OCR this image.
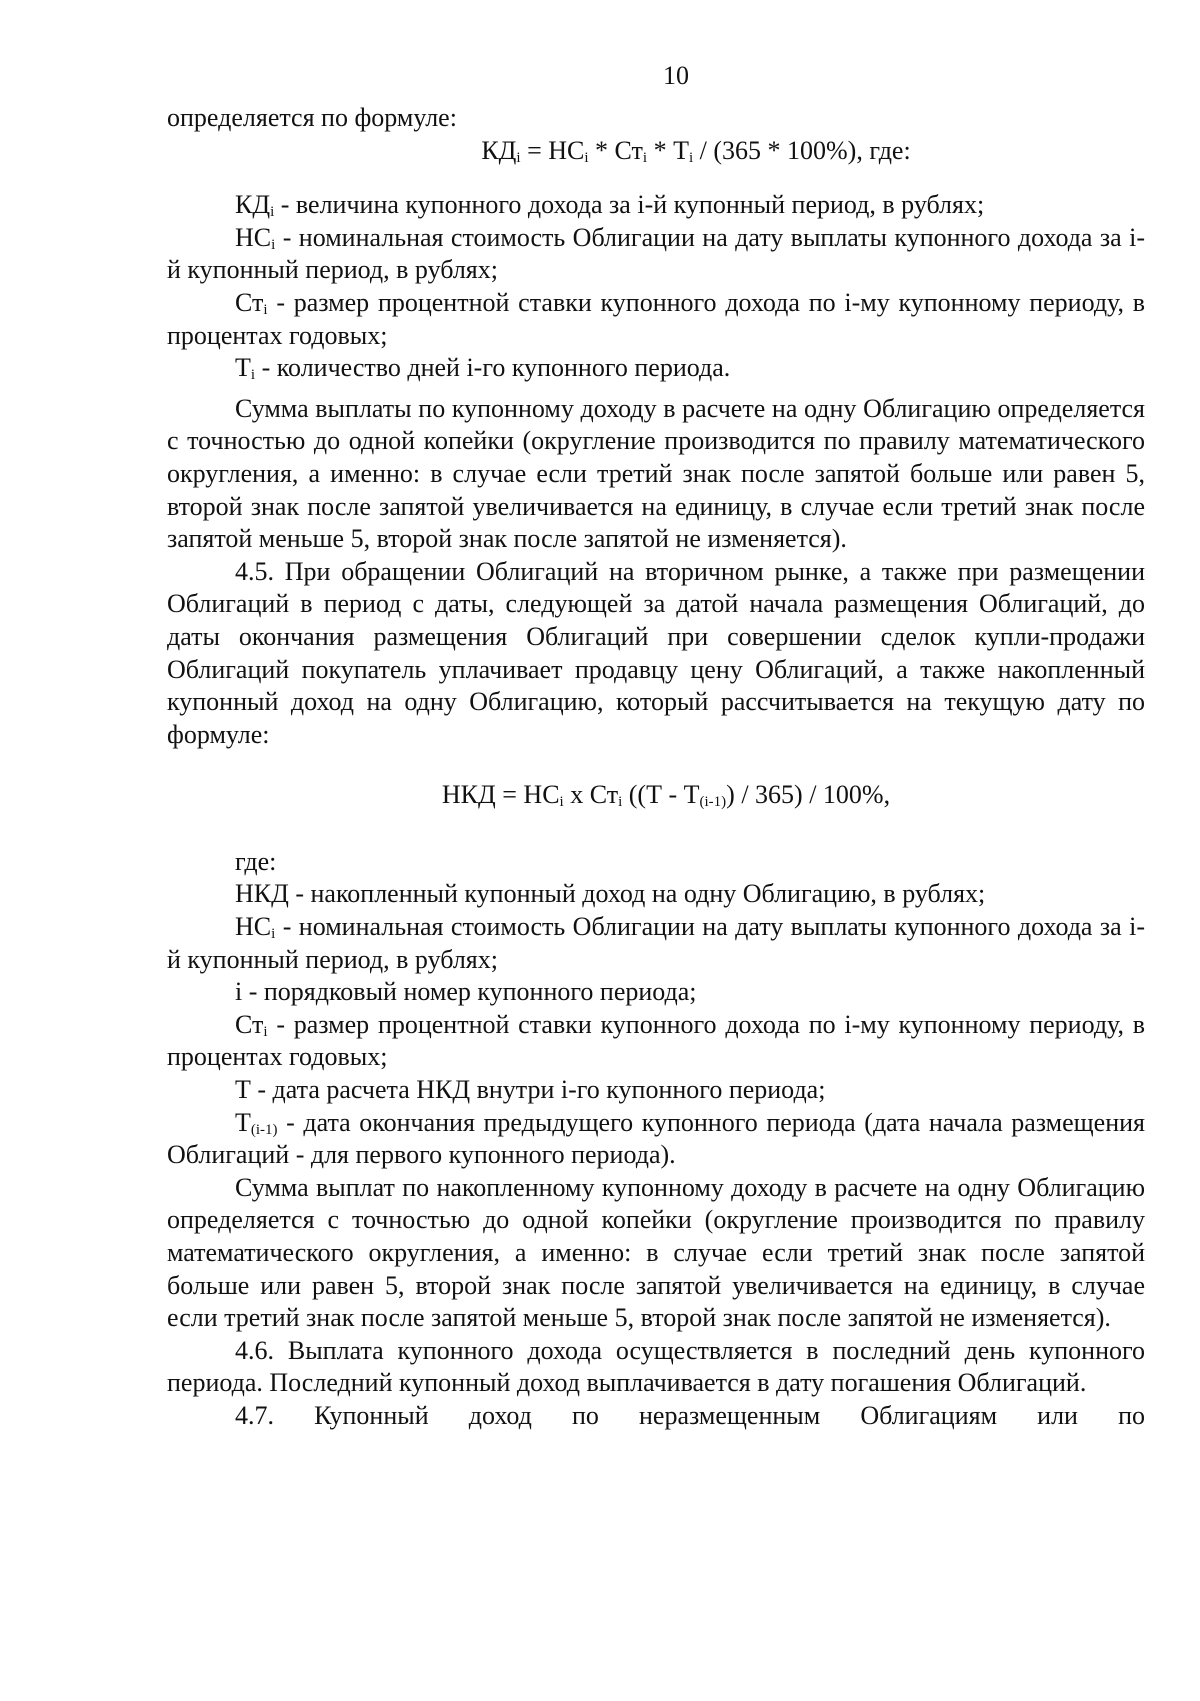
10

определяется по формуле:

$КД_i = НС_i * Ст_i * Т_i / (365 * 100\%)$, где:

$КД_i$ - величина купонного дохода за i-й купонный период, в рублях;

$НС_i$ - номинальная стоимость Облигации на дату выплаты купонного дохода за i-й купонный период, в рублях;

$Ст_i$ - размер процентной ставки купонного дохода по i-му купонному периоду, в процентах годовых;

$Т_i$ - количество дней i-го купонного периода.

Сумма выплаты по купонному доходу в расчете на одну Облигацию определяется с точностью до одной копейки (округление производится по правилу математического округления, а именно: в случае если третий знак после запятой больше или равен 5, второй знак после запятой увеличивается на единицу, в случае если третий знак после запятой меньше 5, второй знак после запятой не изменяется).

4.5. При обращении Облигаций на вторичном рынке, а также при размещении Облигаций в период с даты, следующей за датой начала размещения Облигаций, до даты окончания размещения Облигаций при совершении сделок купли-продажи Облигаций покупатель уплачивает продавцу цену Облигаций, а также накопленный купонный доход на одну Облигацию, который рассчитывается на текущую дату по формуле:

НКД = $НС_i$ х $Ст_i$ $((Т - Т_{(i-1)}) / 365) / 100\%$,

где:

НКД - накопленный купонный доход на одну Облигацию, в рублях;

$НС_i$ - номинальная стоимость Облигации на дату выплаты купонного дохода за i-й купонный период, в рублях;

i - порядковый номер купонного периода;

$Ст_i$ - размер процентной ставки купонного дохода по i-му купонному периоду, в процентах годовых;

Т - дата расчета НКД внутри i-го купонного периода;

$Т_{(i-1)}$ - дата окончания предыдущего купонного периода (дата начала размещения Облигаций - для первого купонного периода).

Сумма выплат по накопленному купонному доходу в расчете на одну Облигацию определяется с точностью до одной копейки (округление производится по правилу математического округления, а именно: в случае если третий знак после запятой больше или равен 5, второй знак после запятой увеличивается на единицу, в случае если третий знак после запятой меньше 5, второй знак после запятой не изменяется).

4.6. Выплата купонного дохода осуществляется в последний день купонного периода. Последний купонный доход выплачивается в дату погашения Облигаций.

4.7. Купонный доход по неразмещенным Облигациям или по
